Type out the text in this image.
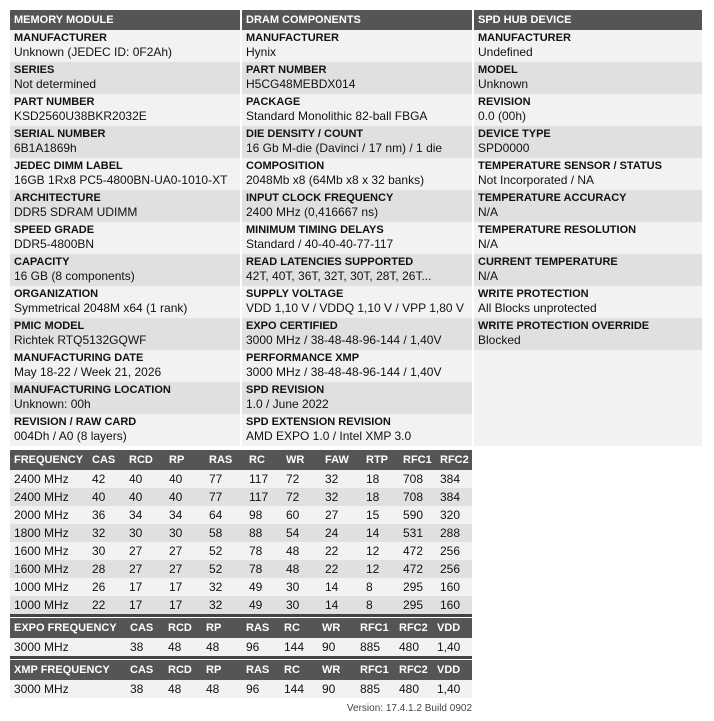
MEMORY MODULE
MANUFACTURER
Unknown (JEDEC ID: 0F2Ah)
SERIES
Not determined
PART NUMBER
KSD2560U38BKR2032E
SERIAL NUMBER
6B1A1869h
JEDEC DIMM LABEL
16GB 1Rx8 PC5-4800BN-UA0-1010-XT
ARCHITECTURE
DDR5 SDRAM UDIMM
SPEED GRADE
DDR5-4800BN
CAPACITY
16 GB (8 components)
ORGANIZATION
Symmetrical 2048M x64 (1 rank)
PMIC MODEL
Richtek RTQ5132GQWF
MANUFACTURING DATE
May 18-22 / Week 21, 2026
MANUFACTURING LOCATION
Unknown: 00h
REVISION / RAW CARD
004Dh / A0 (8 layers)
DRAM COMPONENTS
MANUFACTURER
Hynix
PART NUMBER
H5CG48MEBDX014
PACKAGE
Standard Monolithic 82-ball FBGA
DIE DENSITY / COUNT
16 Gb M-die (Davinci / 17 nm) / 1 die
COMPOSITION
2048Mb x8 (64Mb x8 x 32 banks)
INPUT CLOCK FREQUENCY
2400 MHz (0,416667 ns)
MINIMUM TIMING DELAYS
Standard / 40-40-40-77-117
READ LATENCIES SUPPORTED
42T, 40T, 36T, 32T, 30T, 28T, 26T...
SUPPLY VOLTAGE
VDD 1,10 V / VDDQ 1,10 V / VPP 1,80 V
EXPO CERTIFIED
3000 MHz / 38-48-48-96-144 / 1,40V
PERFORMANCE XMP
3000 MHz / 38-48-48-96-144 / 1,40V
SPD REVISION
1.0 / June 2022
SPD EXTENSION REVISION
AMD EXPO 1.0 / Intel XMP 3.0
SPD HUB DEVICE
MANUFACTURER
Undefined
MODEL
Unknown
REVISION
0.0 (00h)
DEVICE TYPE
SPD0000
TEMPERATURE SENSOR / STATUS
Not Incorporated / NA
TEMPERATURE ACCURACY
N/A
TEMPERATURE RESOLUTION
N/A
CURRENT TEMPERATURE
N/A
WRITE PROTECTION
All Blocks unprotected
WRITE PROTECTION OVERRIDE
Blocked
FREQUENCY	CAS	RCD	RP	RAS	RC	WR	FAW	RTP	RFC1	RFC2
2400 MHz	42	40	40	77	117	72	32	18	708	384
2400 MHz	40	40	40	77	117	72	32	18	708	384
2000 MHz	36	34	34	64	98	60	27	15	590	320
1800 MHz	32	30	30	58	88	54	24	14	531	288
1600 MHz	30	27	27	52	78	48	22	12	472	256
1600 MHz	28	27	27	52	78	48	22	12	472	256
1000 MHz	26	17	17	32	49	30	14	8	295	160
1000 MHz	22	17	17	32	49	30	14	8	295	160
EXPO FREQUENCY	CAS	RCD	RP	RAS	RC	WR	RFC1	RFC2	VDD
3000 MHz	38	48	48	96	144	90	885	480	1,40
XMP FREQUENCY	CAS	RCD	RP	RAS	RC	WR	RFC1	RFC2	VDD
3000 MHz	38	48	48	96	144	90	885	480	1,40
Version: 17.4.1.2 Build 0902
